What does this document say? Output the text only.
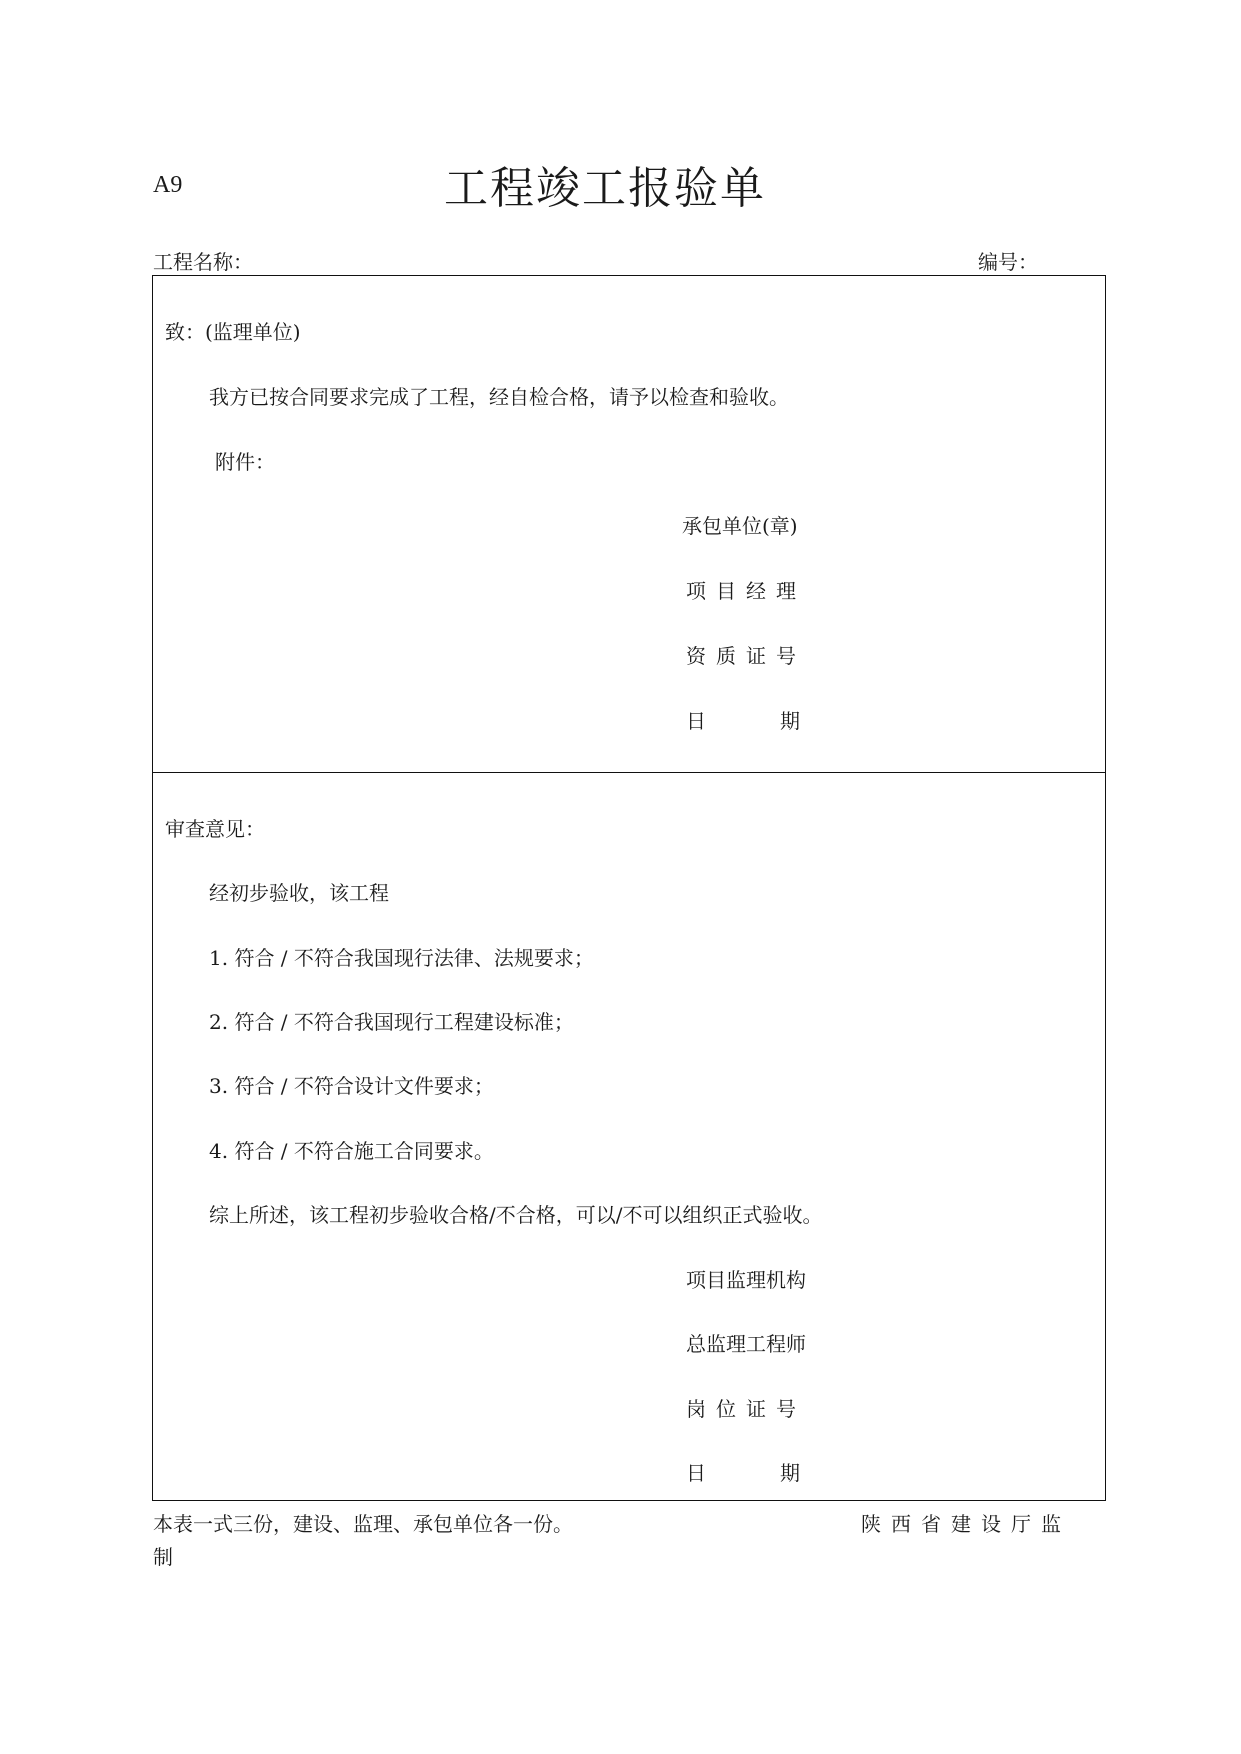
A9	工程竣工报验单
工程名称：	编号：
致：(监理单位)
我方已按合同要求完成了工程，经自检合格，请予以检查和验收。
附件：
承包单位(章)
项目经理
资质证号
日期
审查意见：
经初步验收，该工程
1. 符合 / 不符合我国现行法律、法规要求；
2. 符合 / 不符合我国现行工程建设标准；
3. 符合 / 不符合设计文件要求；
4. 符合 / 不符合施工合同要求。
综上所述，该工程初步验收合格/不合格，可以/不可以组织正式验收。
项目监理机构
总监理工程师
岗位证号
日期
本表一式三份，建设、监理、承包单位各一份。	陕西省建设厅监
制
